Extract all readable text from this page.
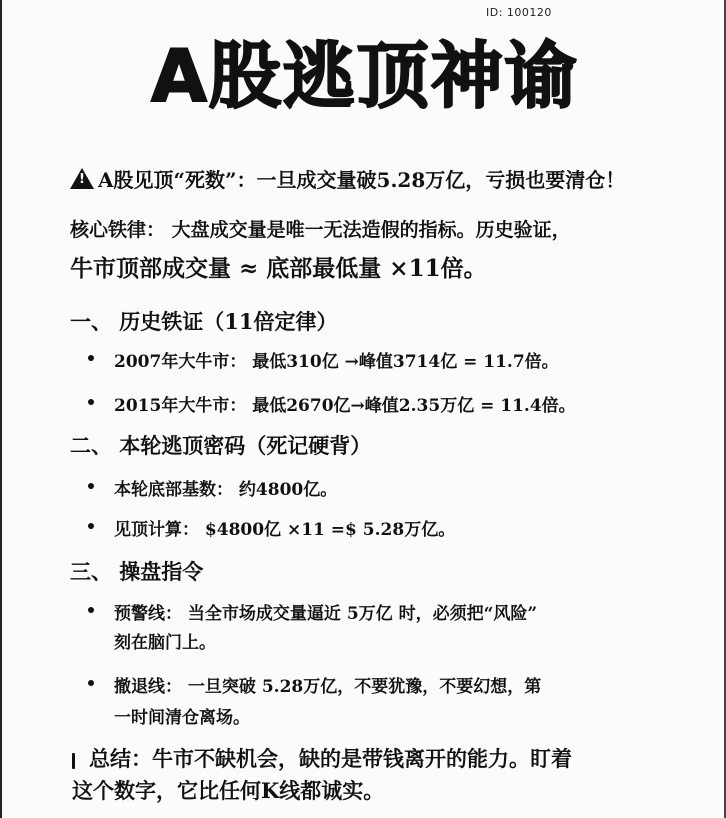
ID: 100120
A股逃顶神谕
!A股见顶“死数”：一旦成交量破5.28万亿，亏损也要清仓！
核心铁律： 大盘成交量是唯一无法造假的指标。历史验证，
牛市顶部成交量 ≈ 底部最低量 ×11倍。
一、 历史铁证（11倍定律）
2007年大牛市： 最低310亿 →峰值3714亿 = 11.7倍。
2015年大牛市： 最低2670亿→峰值2.35万亿 = 11.4倍。
二、 本轮逃顶密码（死记硬背）
本轮底部基数： 约4800亿。
见顶计算： $4800亿 ×11 =$ 5.28万亿。
三、 操盘指令
预警线： 当全市场成交量逼近 5万亿 时，必须把“风险”
刻在脑门上。
撤退线： 一旦突破 5.28万亿，不要犹豫，不要幻想，第
一时间清仓离场。
总结：牛市不缺机会，缺的是带钱离开的能力。盯着
这个数字，它比任何K线都诚实。
